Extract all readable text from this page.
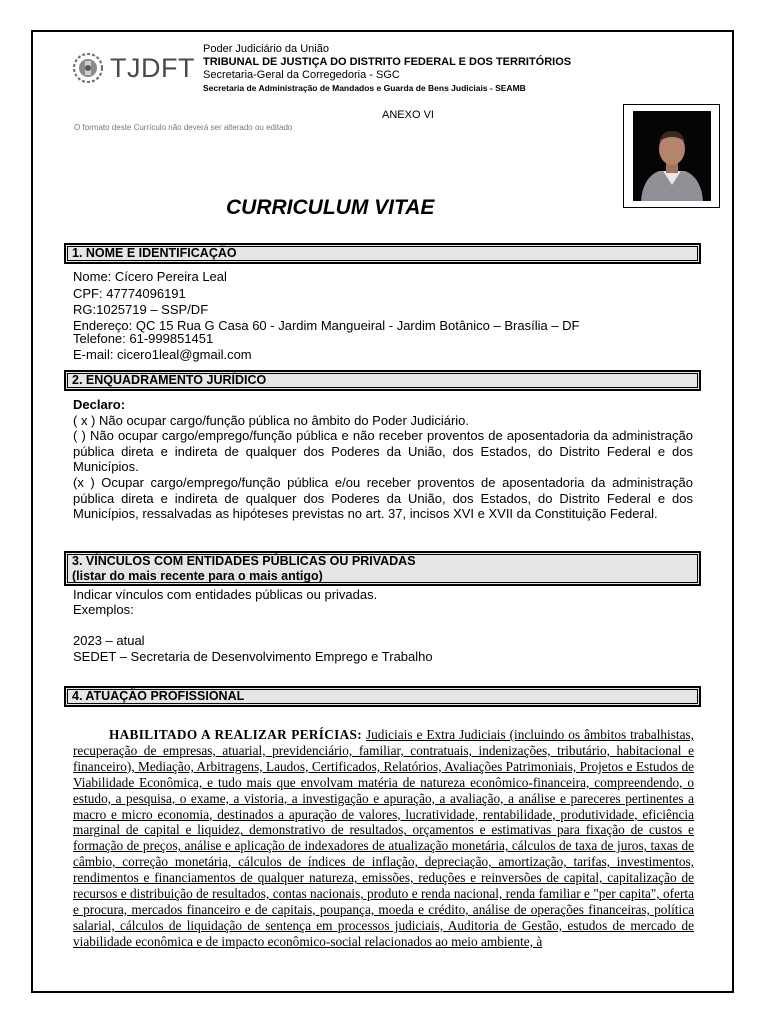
TJDFT
Poder Judiciário da União
TRIBUNAL DE JUSTIÇA DO DISTRITO FEDERAL E DOS TERRITÓRIOS
Secretaria-Geral da Corregedoria - SGC
Secretaria de Administração de Mandados e Guarda de Bens Judiciais - SEAMB
ANEXO VI
O formato deste Currículo não deverá ser alterado ou editado
CURRICULUM VITAE
1. NOME E IDENTIFICAÇÃO
Nome: Cícero Pereira Leal
CPF: 47774096191
RG:1025719 – SSP/DF
Endereço: QC 15 Rua G Casa 60 - Jardim Mangueiral - Jardim Botânico – Brasília – DF
Telefone: 61-999851451
E-mail: cicero1leal@gmail.com
2. ENQUADRAMENTO JURÍDICO
Declaro:
( x ) Não ocupar cargo/função pública no âmbito do Poder Judiciário.
( ) Não ocupar cargo/emprego/função pública e não receber proventos de aposentadoria da administração pública direta e indireta de qualquer dos Poderes da União, dos Estados, do Distrito Federal e dos Municípios.
(x ) Ocupar cargo/emprego/função pública e/ou receber proventos de aposentadoria da administração pública direta e indireta de qualquer dos Poderes da União, dos Estados, do Distrito Federal e dos Municípios, ressalvadas as hipóteses previstas no art. 37, incisos XVI e XVII da Constituição Federal.
3. VÍNCULOS COM ENTIDADES PÚBLICAS OU PRIVADAS
(listar do mais recente para o mais antigo)
Indicar vínculos com entidades públicas ou privadas.
Exemplos:
2023 – atual
SEDET – Secretaria de Desenvolvimento Emprego e Trabalho
4. ATUAÇÃO PROFISSIONAL
HABILITADO A REALIZAR PERÍCIAS: Judiciais e Extra Judiciais (incluindo os âmbitos trabalhistas, recuperação de empresas, atuarial, previdenciário, familiar, contratuais, indenizações, tributário, habitacional e financeiro), Mediação, Arbitragens, Laudos, Certificados, Relatórios, Avaliações Patrimoniais, Projetos e Estudos de Viabilidade Econômica, e tudo mais que envolvam matéria de natureza econômico-financeira, compreendendo, o estudo, a pesquisa, o exame, a vistoria, a investigação e apuração, a avaliação, a análise e pareceres pertinentes a macro e micro economia, destinados a apuração de valores, lucratividade, rentabilidade, produtividade, eficiência marginal de capital e liquidez, demonstrativo de resultados, orçamentos e estimativas para fixação de custos e formação de preços, análise e aplicação de indexadores de atualização monetária, cálculos de taxa de juros, taxas de câmbio, correção monetária, cálculos de índices de inflação, depreciação, amortização, tarifas, investimentos, rendimentos e financiamentos de qualquer natureza, emissões, reduções e reinversões de capital, capitalização de recursos e distribuição de resultados, contas nacionais, produto e renda nacional, renda familiar e "per capita", oferta e procura, mercados financeiro e de capitais, poupança, moeda e crédito, análise de operações financeiras, política salarial, cálculos de liquidação de sentença em processos judiciais, Auditoria de Gestão, estudos de mercado de viabilidade econômica e de impacto econômico-social relacionados ao meio ambiente, à
